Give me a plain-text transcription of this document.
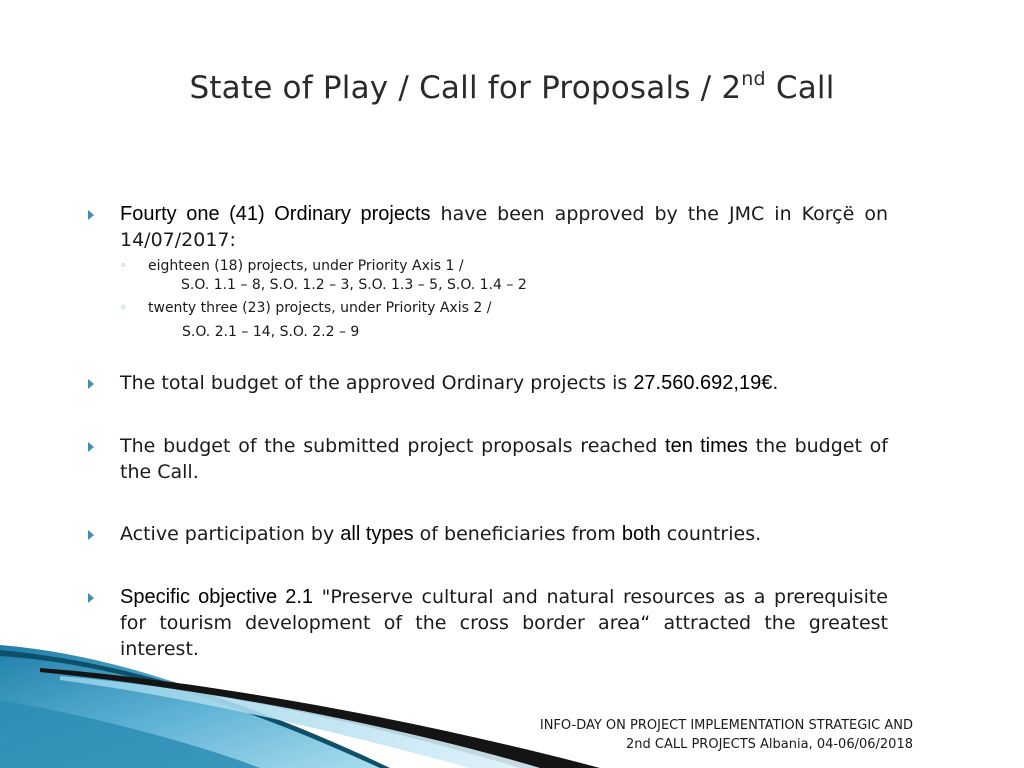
State of Play / Call for Proposals / 2nd Call
Fourty one (41) Ordinary projects have been approved by the JMC in Korçë on 14/07/2017:
◦ eighteen (18) projects, under Priority Axis 1 /
S.O. 1.1 – 8, S.O. 1.2 – 3, S.O. 1.3 – 5, S.O. 1.4 – 2
◦ twenty three (23) projects, under Priority Axis 2 /
S.O. 2.1 – 14, S.O. 2.2 – 9
The total budget of the approved Ordinary projects is 27.560.692,19€.
The budget of the submitted project proposals reached ten times the budget of the Call.
Active participation by all types of beneficiaries from both countries.
Specific objective 2.1 "Preserve cultural and natural resources as a prerequisite for tourism development of the cross border area“ attracted the greatest interest.
INFO-DAY ON PROJECT IMPLEMENTATION STRATEGIC AND
2nd CALL PROJECTS Albania, 04-06/06/2018
